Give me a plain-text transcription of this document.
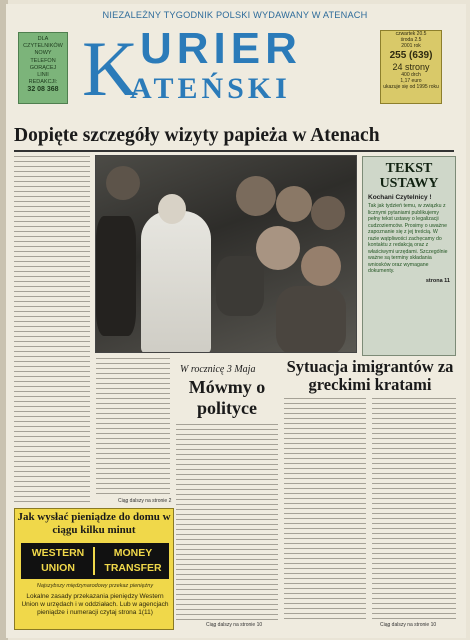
NIEZALEŻNY TYGODNIK POLSKI WYDAWANY W ATENACH
DLA
CZYTELNIKÓW
NOWY
TELEFON
GORĄCEJ
LINII
REDAKCJI:
32 08 368 K URIER
ATEŃSKI
czwartek 20.5
środa 2.5
2001 rok
255 (639)
24 strony
400 drch
1,17 euro
ukazuje się od 1995 roku
Dopięte szczegóły wizyty papieża w Atenach
Ciąg dalszy na stronie 2
TEKST
USTAWY
Kochani Czytelnicy !
Tak jak tydzień temu, w związku z licznymi pytaniami publikujemy pełny tekst ustawy o legalizacji cudzoziemców. Prosimy o uważne zapoznanie się z jej treścią. W razie wątpliwości zachęcamy do kontaktu z redakcją oraz z właściwymi urzędami. Szczególnie ważne są terminy składania wniosków oraz wymagane dokumenty.
strona 11
W rocznicę 3 Maja
Mówmy o polityce
Ciąg dalszy na stronie 10
Sytuacja imigrantów za greckimi kratami
Ciąg dalszy na stronie 10
Jak wysłać pieniądze do domu w ciągu kilku minut
WESTERN UNION
MONEY TRANSFER
Najszybszy międzynarodowy przekaz pieniężny
Lokalne zasady przekazania pieniędzy Western Union w urzędach i w oddziałach. Lub w agencjach pieniądze i numeracji czytaj strona 1(11)
